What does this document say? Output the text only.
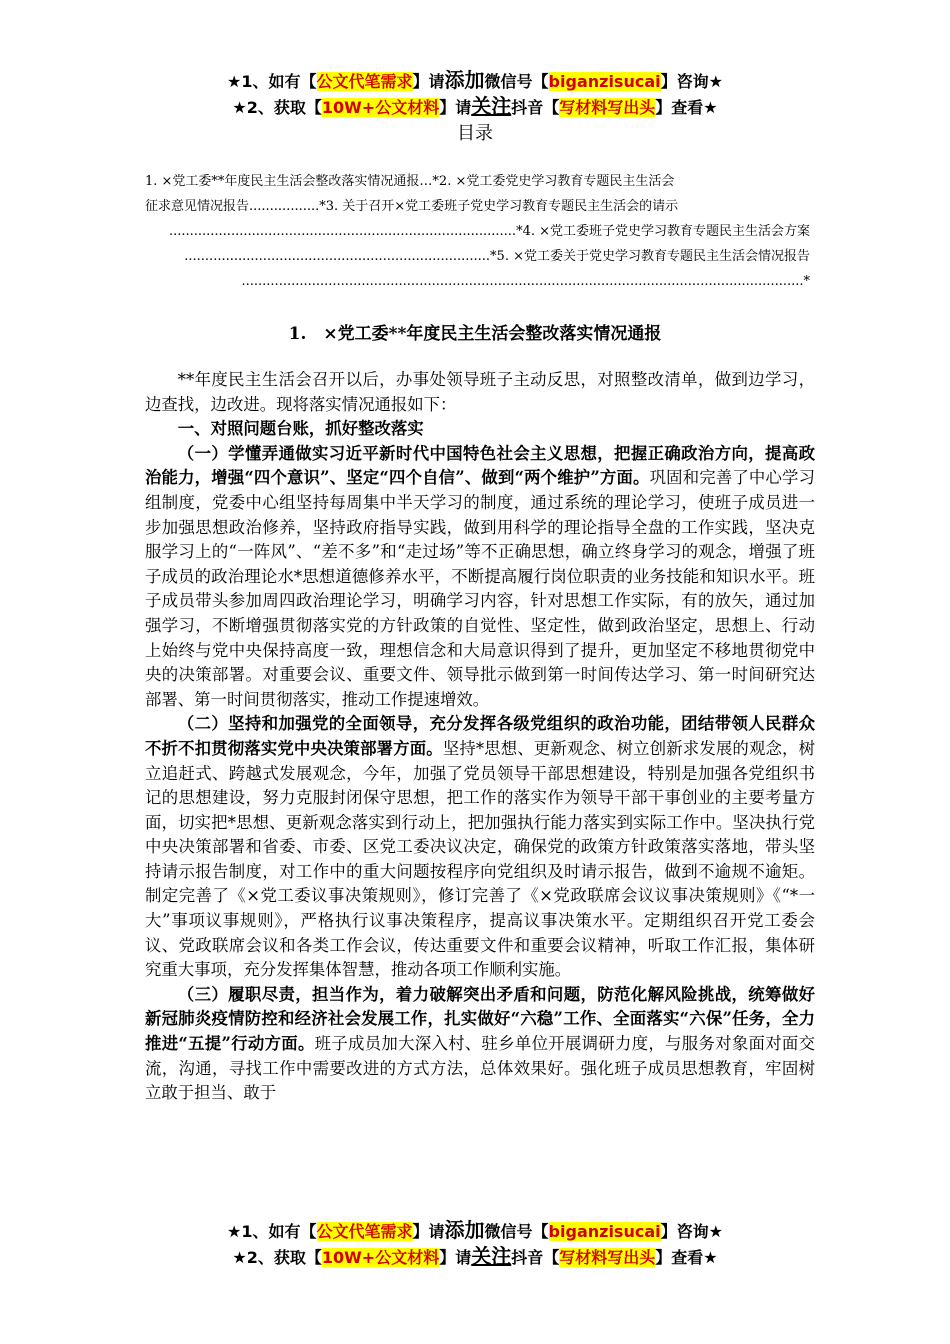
★1、如有【公文代笔需求】请添加微信号【biganzisucai】咨询★
★2、获取【10W+公文材料】请关注抖音【写材料写出头】查看★
目录
1. ×党工委**年度民主生活会整改落实情况通报…*2. ×党工委党史学习教育专题民主生活会
征求意见情况报告.................*3. 关于召开×党工委班子党史学习教育专题民主生活会的请示
....................................................................................*4. ×党工委班子党史学习教育专题民主生活会方案
..........................................................................*5. ×党工委关于党史学习教育专题民主生活会情况报告
........................................................................................................................................*
1.　×党工委**年度民主生活会整改落实情况通报

**年度民主生活会召开以后，办事处领导班子主动反思，对照整改清单，做到边学习，边查找，边改进。现将落实情况通报如下：

一、对照问题台账，抓好整改落实

（一）学懂弄通做实习近平新时代中国特色社会主义思想，把握正确政治方向，提高政治能力，增强“四个意识”、坚定“四个自信”、做到“两个维护”方面。巩固和完善了中心学习组制度，党委中心组坚持每周集中半天学习的制度，通过系统的理论学习，使班子成员进一步加强思想政治修养，坚持政府指导实践，做到用科学的理论指导全盘的工作实践，坚决克服学习上的“一阵风”、“差不多”和“走过场”等不正确思想，确立终身学习的观念，增强了班子成员的政治理论水*思想道德修养水平，不断提高履行岗位职责的业务技能和知识水平。班子成员带头参加周四政治理论学习，明确学习内容，针对思想工作实际，有的放矢，通过加强学习，不断增强贯彻落实党的方针政策的自觉性、坚定性，做到政治坚定，思想上、行动上始终与党中央保持高度一致，理想信念和大局意识得到了提升，更加坚定不移地贯彻党中央的决策部署。对重要会议、重要文件、领导批示做到第一时间传达学习、第一时间研究达部署、第一时间贯彻落实，推动工作提速增效。

（二）坚持和加强党的全面领导，充分发挥各级党组织的政治功能，团结带领人民群众不折不扣贯彻落实党中央决策部署方面。坚持*思想、更新观念、树立创新求发展的观念，树立追赶式、跨越式发展观念，今年，加强了党员领导干部思想建设，特别是加强各党组织书记的思想建设，努力克服封闭保守思想，把工作的落实作为领导干部干事创业的主要考量方面，切实把*思想、更新观念落实到行动上，把加强执行能力落实到实际工作中。坚决执行党中央决策部署和省委、市委、区党工委决议决定，确保党的政策方针政策落实落地，带头坚持请示报告制度，对工作中的重大问题按程序向党组织及时请示报告，做到不逾规不逾矩。制定完善了《×党工委议事决策规则》，修订完善了《×党政联席会议议事决策规则》《“*一大”事项议事规则》，严格执行议事决策程序，提高议事决策水平。定期组织召开党工委会议、党政联席会议和各类工作会议，传达重要文件和重要会议精神，听取工作汇报，集体研究重大事项，充分发挥集体智慧，推动各项工作顺利实施。

（三）履职尽责，担当作为，着力破解突出矛盾和问题，防范化解风险挑战，统筹做好新冠肺炎疫情防控和经济社会发展工作，扎实做好“六稳”工作、全面落实“六保”任务，全力推进“五提”行动方面。班子成员加大深入村、驻乡单位开展调研力度，与服务对象面对面交流，沟通，寻找工作中需要改进的方式方法，总体效果好。强化班子成员思想教育，牢固树立敢于担当、敢于

★1、如有【公文代笔需求】请添加微信号【biganzisucai】咨询★
★2、获取【10W+公文材料】请关注抖音【写材料写出头】查看★
